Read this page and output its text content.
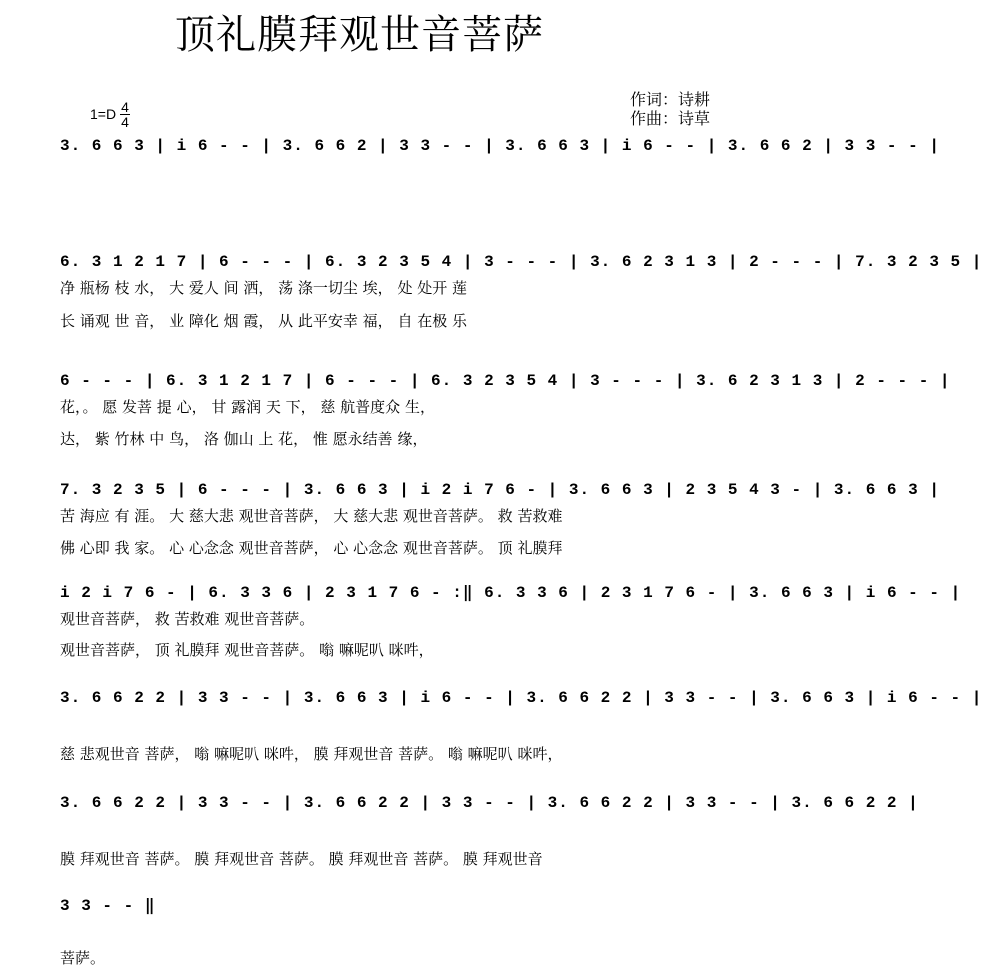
顶礼膜拜观世音菩萨
$1=D \frac{4}{4}$	作词：诗耕
作曲：诗草
3. 6 6 3 | i 6 - - | 3. 6 6 2 | 3 3 - - | 3. 6 6 3 | i 6 - - | 3. 6 6 2 | 3 3 - - |
6. 3 1 2 1 7 | 6 - - - | 6. 3 2 3 5 4 | 3 - - - | 3. 6 2 3 1 3 | 2 - - - | 7. 3 2 3 5 |
净 瓶杨 枝 水， 大 爱人 间 洒， 荡 涤一切尘 埃， 处 处开 莲
长 诵观 世 音， 业 障化 烟 霞， 从 此平安幸 福， 自 在极 乐
6 - - - | 6. 3 1 2 1 7 | 6 - - - | 6. 3 2 3 5 4 | 3 - - - | 3. 6 2 3 1 3 | 2 - - - |
花，。 愿 发菩 提 心， 甘 露润 天 下， 慈 航普度众 生，
达， 紫 竹林 中 鸟， 洛 伽山 上 花， 惟 愿永结善 缘，
7. 3 2 3 5 | 6 - - - | 3. 6 6 3 | i 2 i 7 6 - | 3. 6 6 3 | 2 3 5 4 3 - | 3. 6 6 3 |
苦 海应 有 涯。 大 慈大悲 观世音菩萨， 大 慈大悲 观世音菩萨。 救 苦救难
佛 心即 我 家。 心 心念念 观世音菩萨， 心 心念念 观世音菩萨。 顶 礼膜拜
i 2 i 7 6 - | 6. 3 3 6 | 2 3 1 7 6 - :‖ 6. 3 3 6 | 2 3 1 7 6 - | 3. 6 6 3 | i 6 - - |
观世音菩萨， 救 苦救难 观世音菩萨。
观世音菩萨， 顶 礼膜拜 观世音菩萨。 嗡 嘛呢叭 咪吽，
3. 6 6 2 2 | 3 3 - - | 3. 6 6 3 | i 6 - - | 3. 6 6 2 2 | 3 3 - - | 3. 6 6 3 | i 6 - - |
慈 悲观世音 菩萨， 嗡 嘛呢叭 咪吽， 膜 拜观世音 菩萨。 嗡 嘛呢叭 咪吽，
3. 6 6 2 2 | 3 3 - - | 3. 6 6 2 2 | 3 3 - - | 3. 6 6 2 2 | 3 3 - - | 3. 6 6 2 2 |
膜 拜观世音 菩萨。 膜 拜观世音 菩萨。 膜 拜观世音 菩萨。 膜 拜观世音
3 3 - - ‖
菩萨。
